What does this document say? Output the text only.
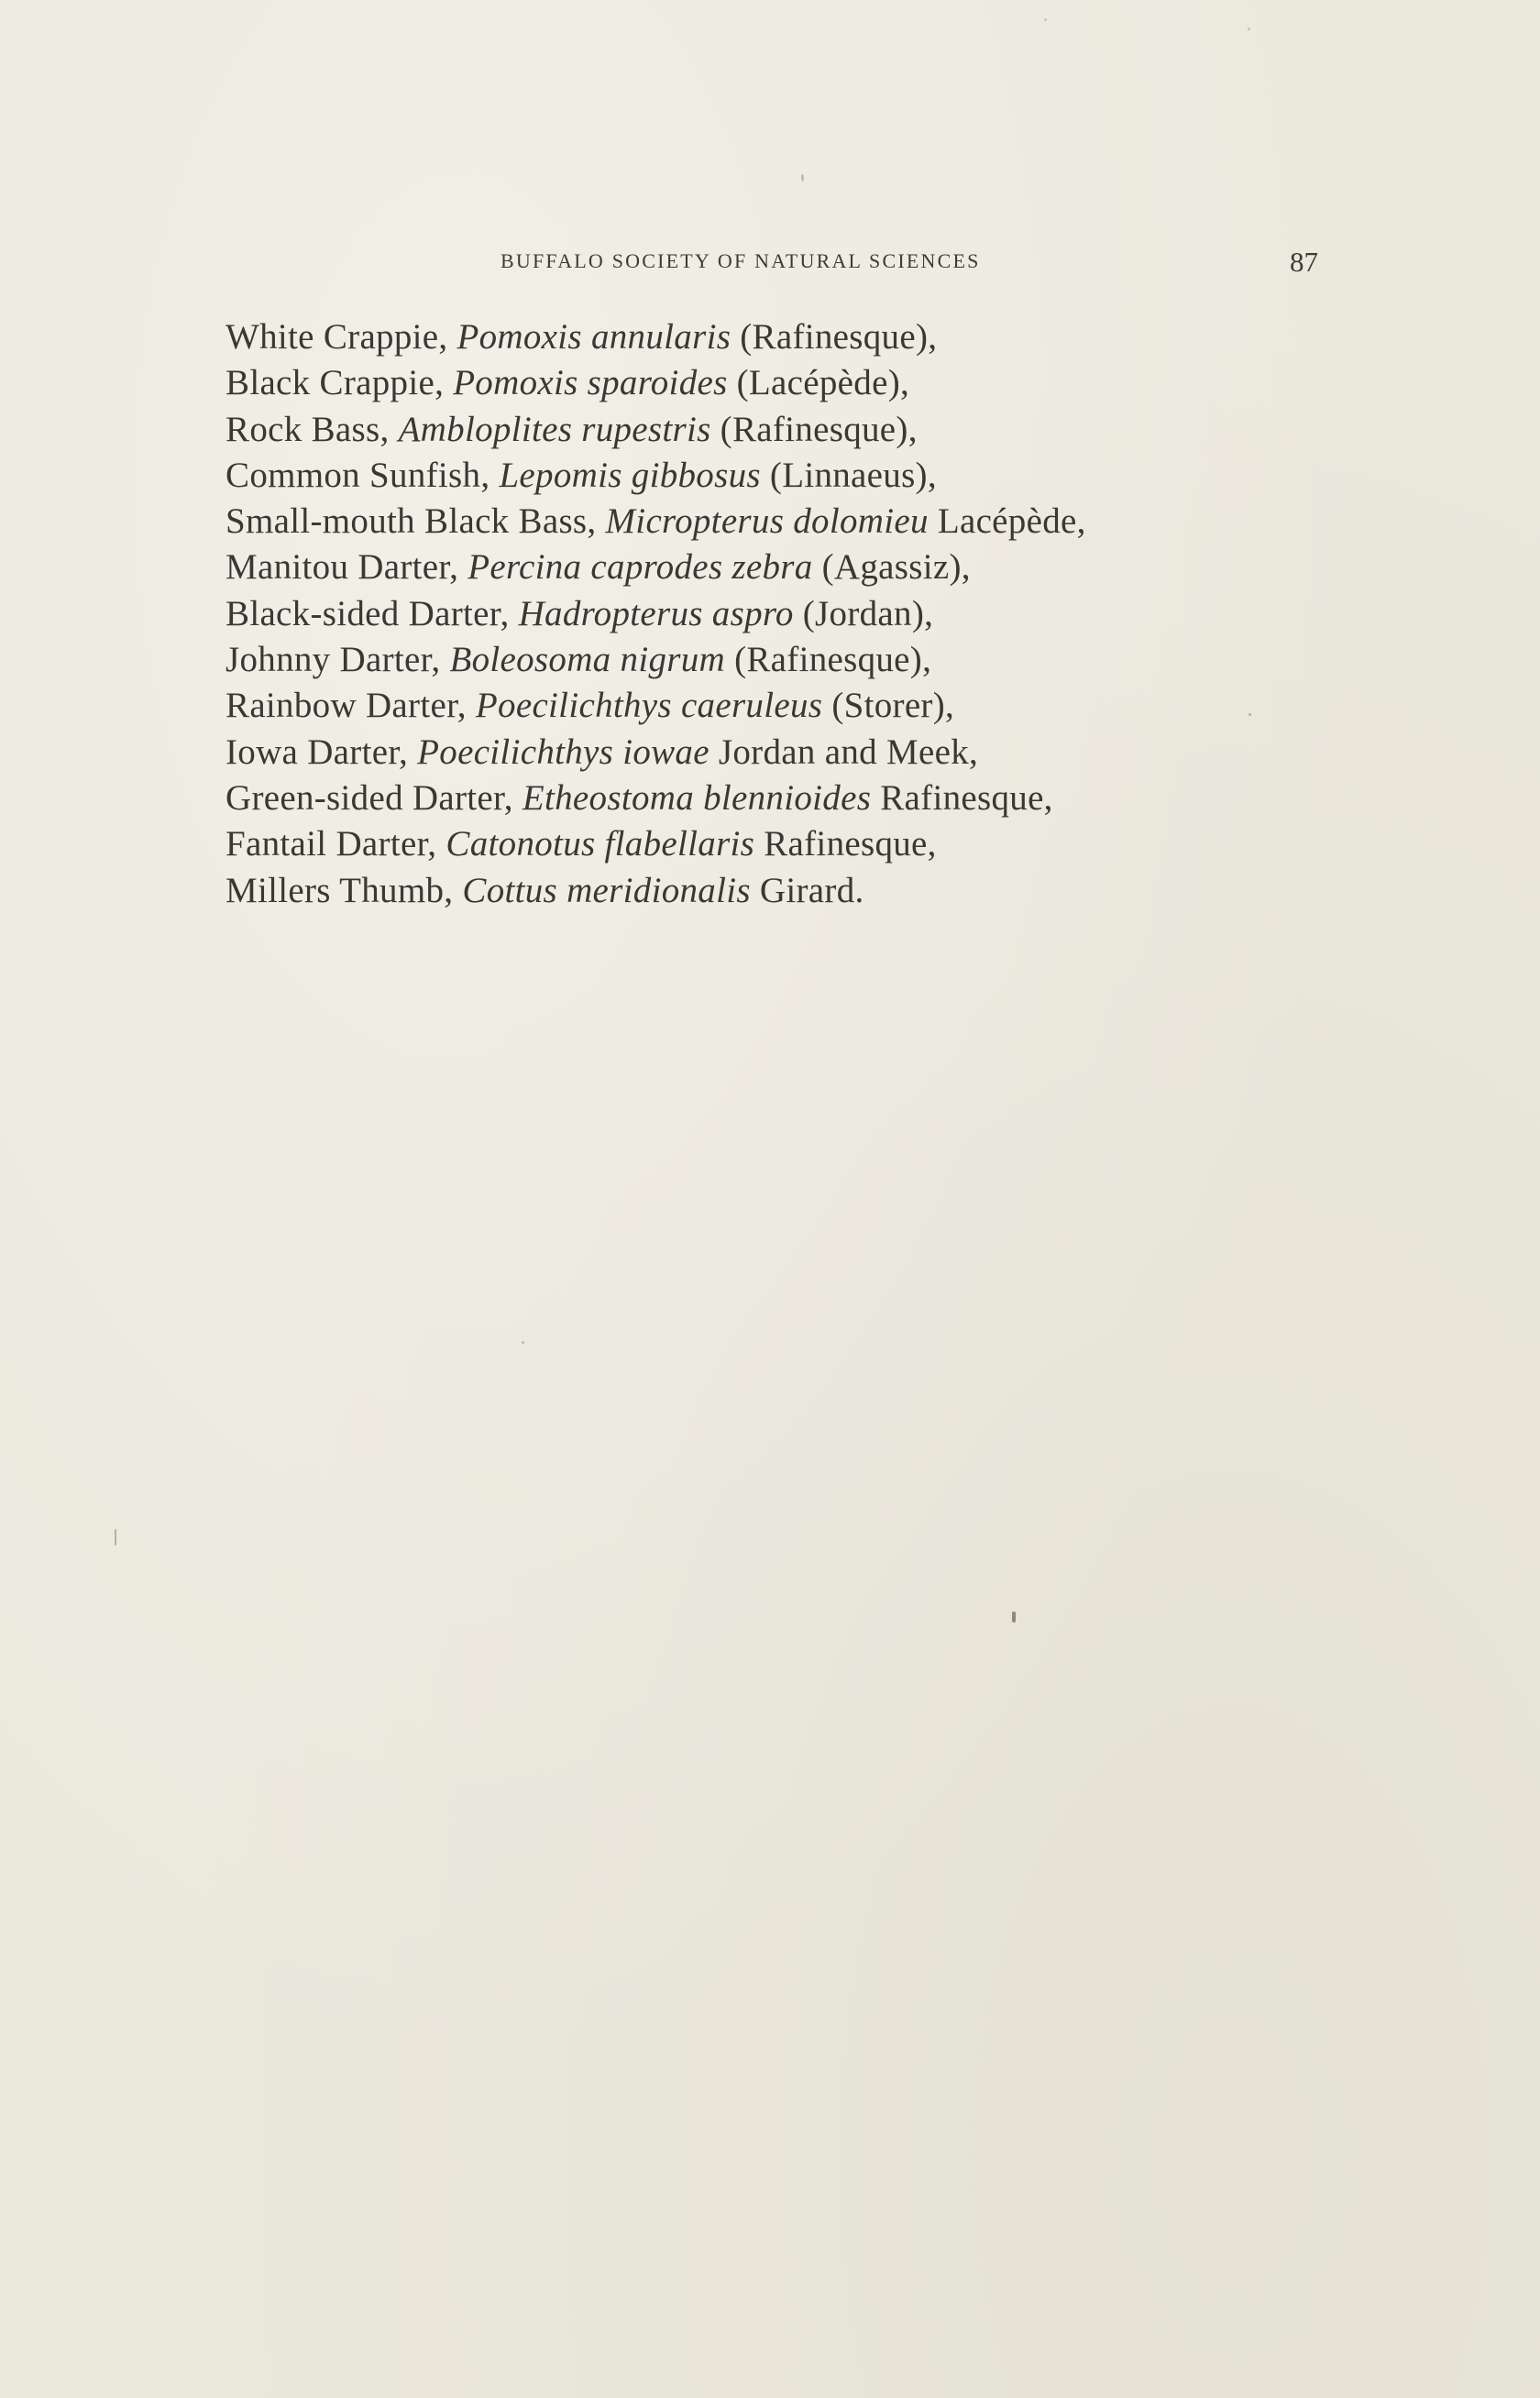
BUFFALO SOCIETY OF NATURAL SCIENCES	87
White Crappie, Pomoxis annularis (Rafinesque),
Black Crappie, Pomoxis sparoides (Lacépède),
Rock Bass, Ambloplites rupestris (Rafinesque),
Common Sunfish, Lepomis gibbosus (Linnaeus),
Small-mouth Black Bass, Micropterus dolomieu Lacépède,
Manitou Darter, Percina caprodes zebra (Agassiz),
Black-sided Darter, Hadropterus aspro (Jordan),
Johnny Darter, Boleosoma nigrum (Rafinesque),
Rainbow Darter, Poecilichthys caeruleus (Storer),
Iowa Darter, Poecilichthys iowae Jordan and Meek,
Green-sided Darter, Etheostoma blennioides Rafinesque,
Fantail Darter, Catonotus flabellaris Rafinesque,
Millers Thumb, Cottus meridionalis Girard.
